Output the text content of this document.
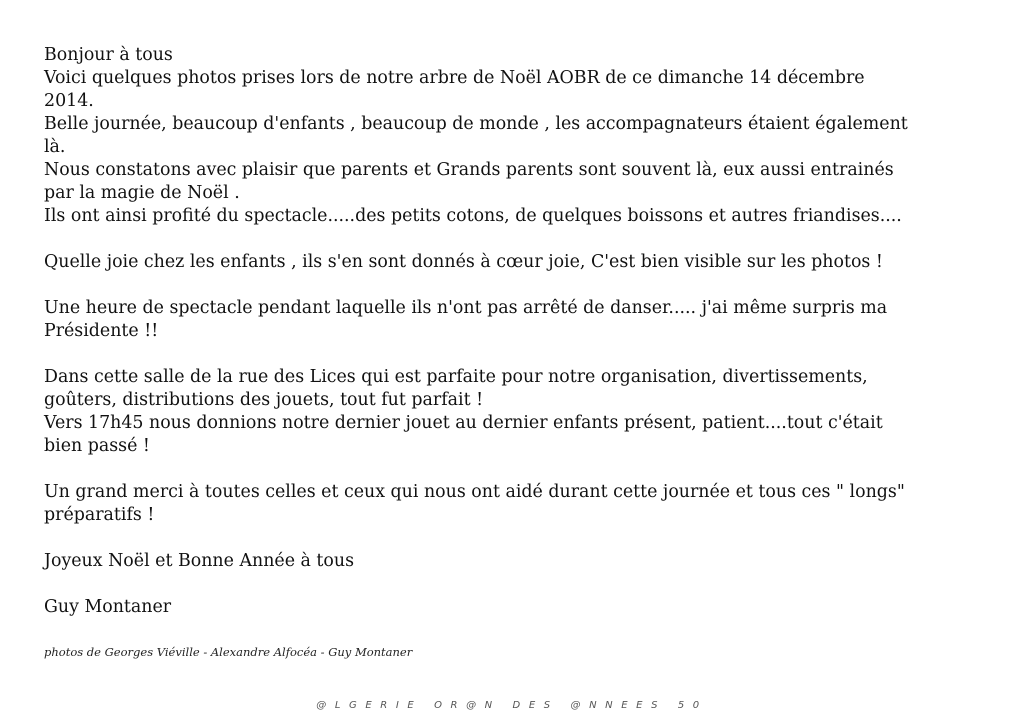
Bonjour à tous
Voici quelques photos prises lors de notre arbre de Noël AOBR de ce dimanche 14 décembre
2014.
Belle journée, beaucoup d'enfants , beaucoup de monde , les accompagnateurs étaient également
là.
Nous constatons avec plaisir que parents et Grands parents sont souvent là, eux aussi entrainés
par la magie de Noël .
Ils ont ainsi profité du spectacle.....des petits cotons, de quelques boissons et autres friandises....
Quelle joie chez les enfants , ils s'en sont donnés à cœur joie, C'est bien visible sur les photos !
Une heure de spectacle pendant laquelle ils n'ont pas arrêté de danser..... j'ai même surpris ma
Présidente !!
Dans cette salle de la rue des Lices qui est parfaite pour notre organisation, divertissements,
goûters, distributions des jouets, tout fut parfait !
Vers 17h45 nous donnions notre dernier jouet au dernier enfants présent, patient....tout c'était
bien passé !
Un grand merci à toutes celles et ceux qui nous ont aidé durant cette journée et tous ces " longs"
préparatifs !
Joyeux Noël et Bonne Année à tous
Guy Montaner
photos de Georges Viéville - Alexandre Alfocéa - Guy Montaner
@LGERIE OR@N DES @NNEES 50
